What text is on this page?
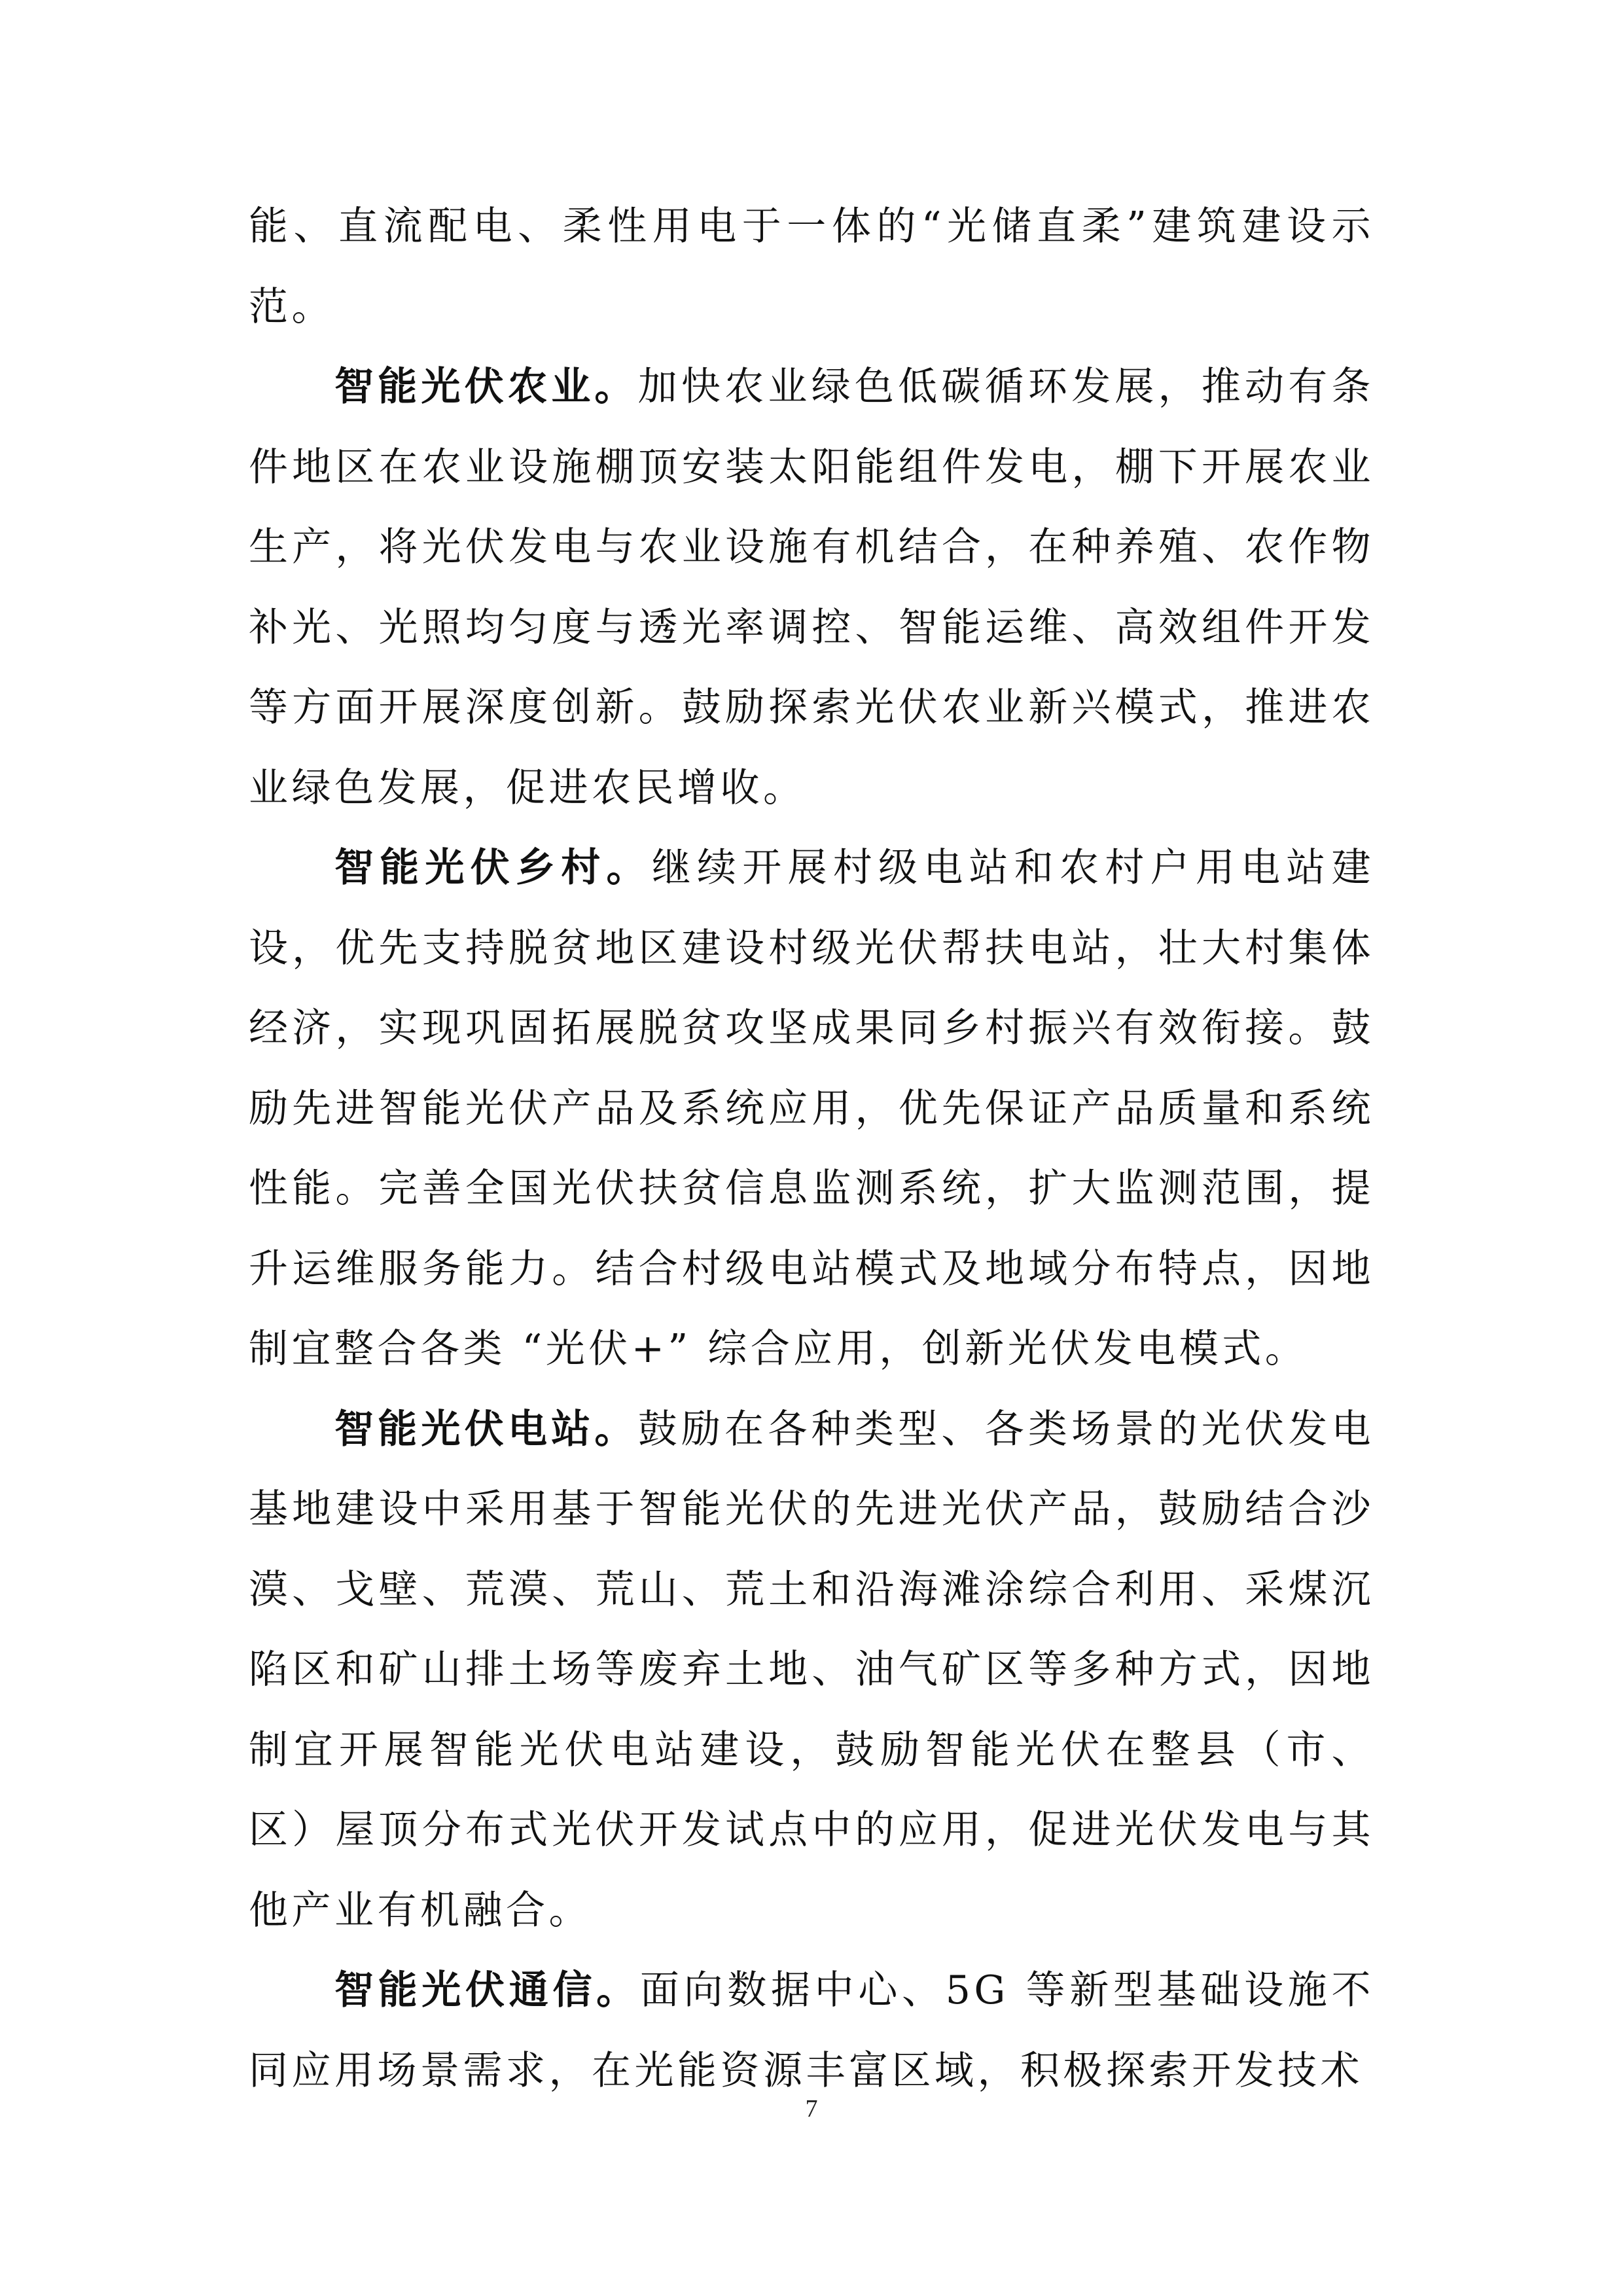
能、直流配电、柔性用电于一体的“光储直柔”建筑建设示范。

智能光伏农业。加快农业绿色低碳循环发展，推动有条件地区在农业设施棚顶安装太阳能组件发电，棚下开展农业生产，将光伏发电与农业设施有机结合，在种养殖、农作物补光、光照均匀度与透光率调控、智能运维、高效组件开发等方面开展深度创新。鼓励探索光伏农业新兴模式，推进农业绿色发展，促进农民增收。

智能光伏乡村。继续开展村级电站和农村户用电站建设，优先支持脱贫地区建设村级光伏帮扶电站，壮大村集体经济，实现巩固拓展脱贫攻坚成果同乡村振兴有效衔接。鼓励先进智能光伏产品及系统应用，优先保证产品质量和系统性能。完善全国光伏扶贫信息监测系统，扩大监测范围，提升运维服务能力。结合村级电站模式及地域分布特点，因地制宜整合各类 “光伏+” 综合应用，创新光伏发电模式。

智能光伏电站。鼓励在各种类型、各类场景的光伏发电基地建设中采用基于智能光伏的先进光伏产品，鼓励结合沙漠、戈壁、荒漠、荒山、荒土和沿海滩涂综合利用、采煤沉陷区和矿山排土场等废弃土地、油气矿区等多种方式，因地制宜开展智能光伏电站建设，鼓励智能光伏在整县（市、区）屋顶分布式光伏开发试点中的应用，促进光伏发电与其他产业有机融合。

智能光伏通信。面向数据中心、5G 等新型基础设施不同应用场景需求，在光能资源丰富区域，积极探索开发技术

7
